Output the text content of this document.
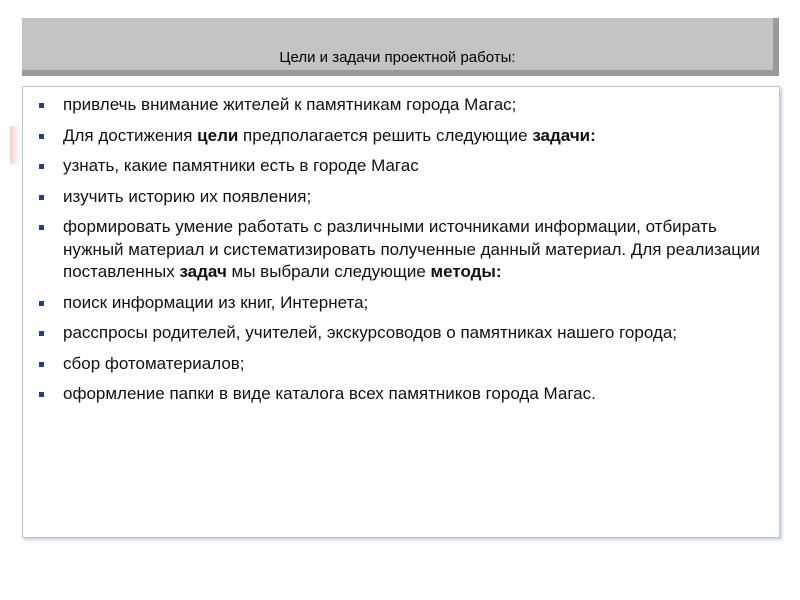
Цели и задачи проектной работы:
привлечь внимание жителей к памятникам города Магас;
Для достижения цели предполагается решить следующие задачи:
узнать, какие памятники есть в городе Магас
изучить историю их появления;
формировать умение работать с различными источниками информации, отбирать нужный материал и систематизировать полученные данный материал. Для реализации поставленных задач мы выбрали следующие методы:
поиск информации из книг, Интернета;
расспросы родителей, учителей, экскурсоводов о памятниках нашего города;
сбор фотоматериалов;
оформление папки в виде каталога всех памятников города Магас.
